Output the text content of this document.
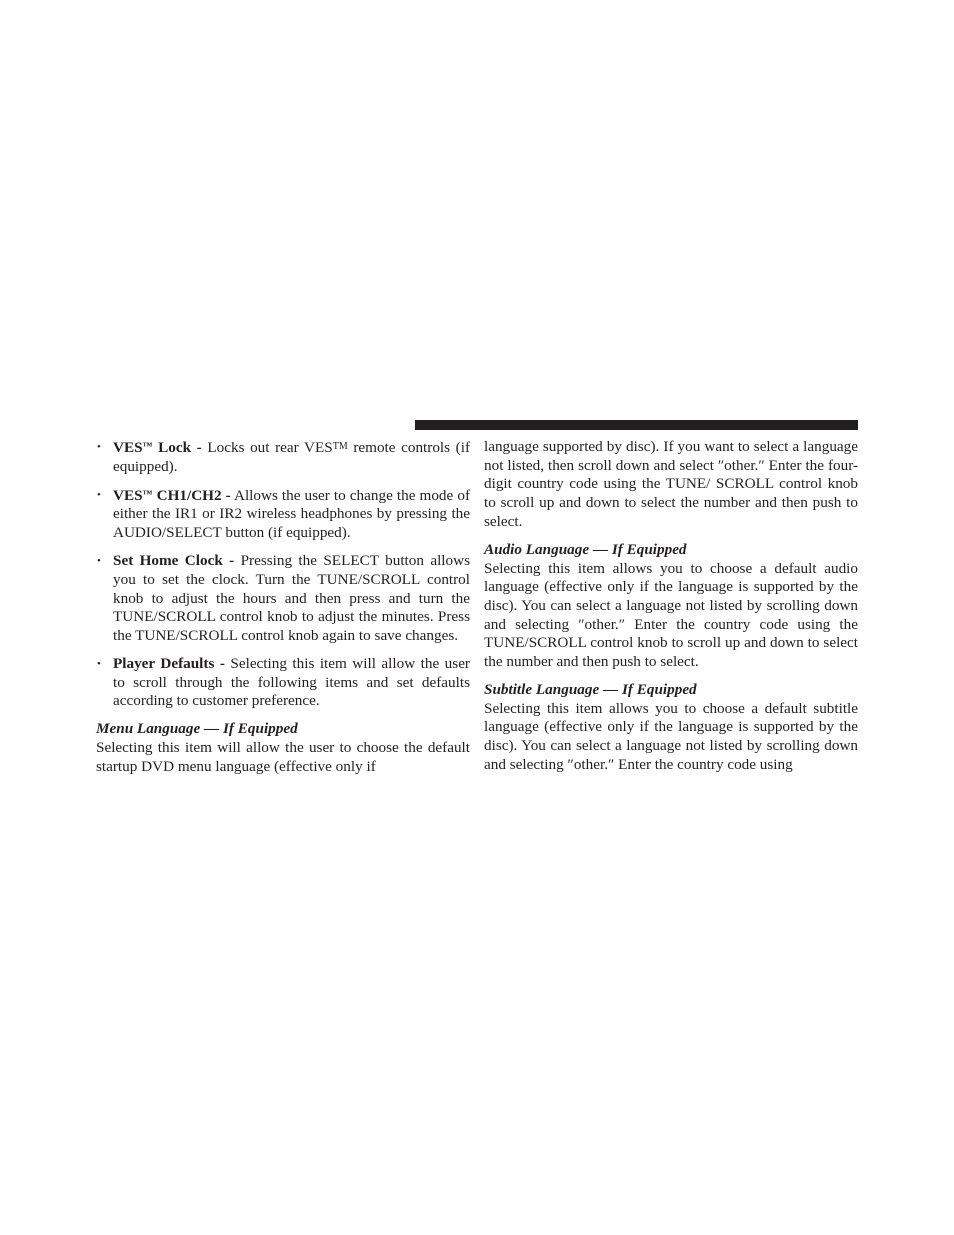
• VES™ Lock - Locks out rear VESTM remote controls (if equipped).
• VES™ CH1/CH2 - Allows the user to change the mode of either the IR1 or IR2 wireless headphones by pressing the AUDIO/SELECT button (if equipped).
• Set Home Clock - Pressing the SELECT button allows you to set the clock. Turn the TUNE/SCROLL control knob to adjust the hours and then press and turn the TUNE/SCROLL control knob to adjust the minutes. Press the TUNE/SCROLL control knob again to save changes.
• Player Defaults - Selecting this item will allow the user to scroll through the following items and set defaults according to customer preference.

Menu Language — If Equipped

Selecting this item will allow the user to choose the default startup DVD menu language (effective only if

language supported by disc). If you want to select a language not listed, then scroll down and select ″other.″ Enter the four-digit country code using the TUNE/ SCROLL control knob to scroll up and down to select the number and then push to select.

Audio Language — If Equipped

Selecting this item allows you to choose a default audio language (effective only if the language is supported by the disc). You can select a language not listed by scrolling down and selecting ″other.″ Enter the country code using the TUNE/SCROLL control knob to scroll up and down to select the number and then push to select.

Subtitle Language — If Equipped

Selecting this item allows you to choose a default subtitle language (effective only if the language is supported by the disc). You can select a language not listed by scrolling down and selecting ″other.″ Enter the country code using
